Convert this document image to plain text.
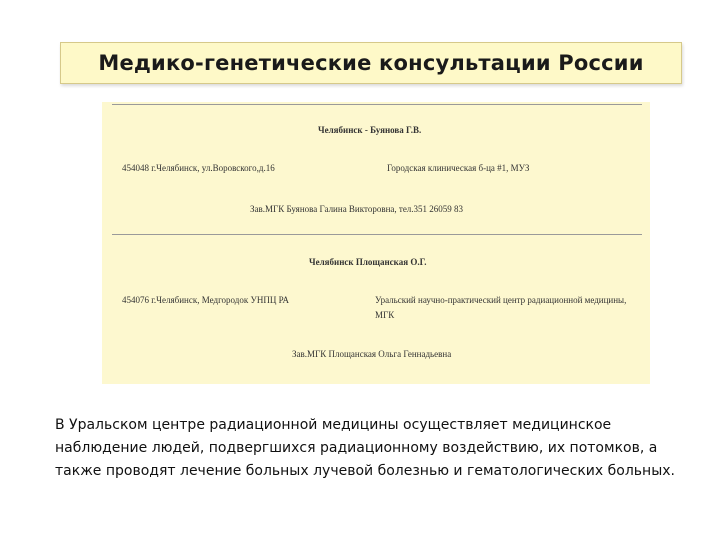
Медико-генетические консультации России
Челябинск - Буянова Г.В.
454048 г.Челябинск, ул.Воровского,д.16	Городская клиническая б-ца #1, МУЗ
Зав.МГК Буянова Галина Викторовна, тел.351 26059 83
Челябинск Площанская О.Г.
454076 г.Челябинск, Медгородок УНПЦ РА	Уральский научно-практический центр радиационной медицины, МГК
Зав.МГК Площанская Ольга Геннадьевна
В Уральском центре радиационной медицины осуществляет медицинское наблюдение людей, подвергшихся радиационному воздействию, их потомков, а также проводят лечение больных лучевой болезнью и гематологических больных.
